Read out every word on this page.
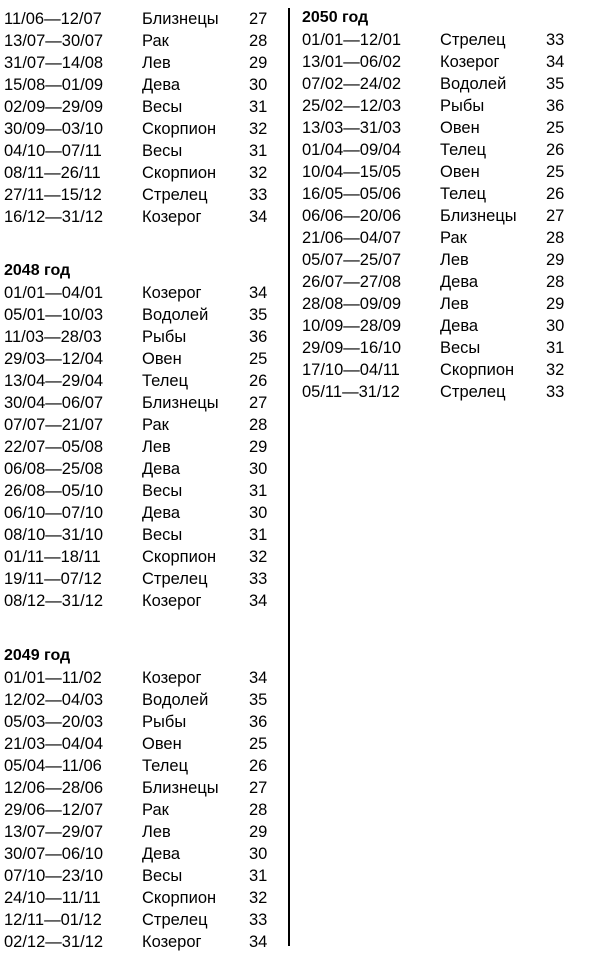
11/06—12/07 Близнецы 27
13/07—30/07 Рак	28
31/07—14/08 Лев	29
15/08—01/09 Дева	30
02/09—29/09 Весы	31
30/09—03/10 Скорпион 32
04/10—07/11 Весы	31
08/11—26/11	Скорпион 32
27/11—15/12 Стрелец	33
16/12—31/12 Козерог	34
2048 год
01/01—04/01 Козерог	34
05/01—10/03 Водолей 35
11/03—28/03 Рыбы	36
29/03—12/04 Овен	25
13/04—29/04 Телец	26
30/04—06/07 Близнецы 27
07/07—21/07 Рак	28
22/07—05/08 Лев	29
06/08—25/08 Дева	30
26/08—05/10 Весы	31
06/10—07/10 Дева	30
08/10—31/10 Весы	31
01/11—18/11	Скорпион 32
19/11—07/12 Стрелец	33
08/12—31/12 Козерог	34
2049 год
01/01—11/02 Козерог	34
12/02—04/03 Водолей 35
05/03—20/03 Рыбы	36
21/03—04/04 Овен	25
05/04—11/06 Телец	26
12/06—28/06 Близнецы 27
29/06—12/07 Рак	28
13/07—29/07 Лев	29
30/07—06/10 Дева	30
07/10—23/10 Весы	31
24/10—11/11	Скорпион 32
12/11—01/12 Стрелец	33
02/12—31/12 Козерог	34
2050 год
01/01—12/01 Стрелец 33
13/01—06/02 Козерог	34
07/02—24/02 Водолей 35
25/02—12/03 Рыбы	36
13/03—31/03 Овен	25
01/04—09/04 Телец	26
10/04—15/05 Овен	25
16/05—05/06 Телец	26
06/06—20/06 Близнецы 27
21/06—04/07 Рак	28
05/07—25/07 Лев	29
26/07—27/08 Дева	28
28/08—09/09 Лев	29
10/09—28/09 Дева	30
29/09—16/10 Весы	31
17/10—04/11 Скорпион 32
05/11—31/12 Стрелец 33
